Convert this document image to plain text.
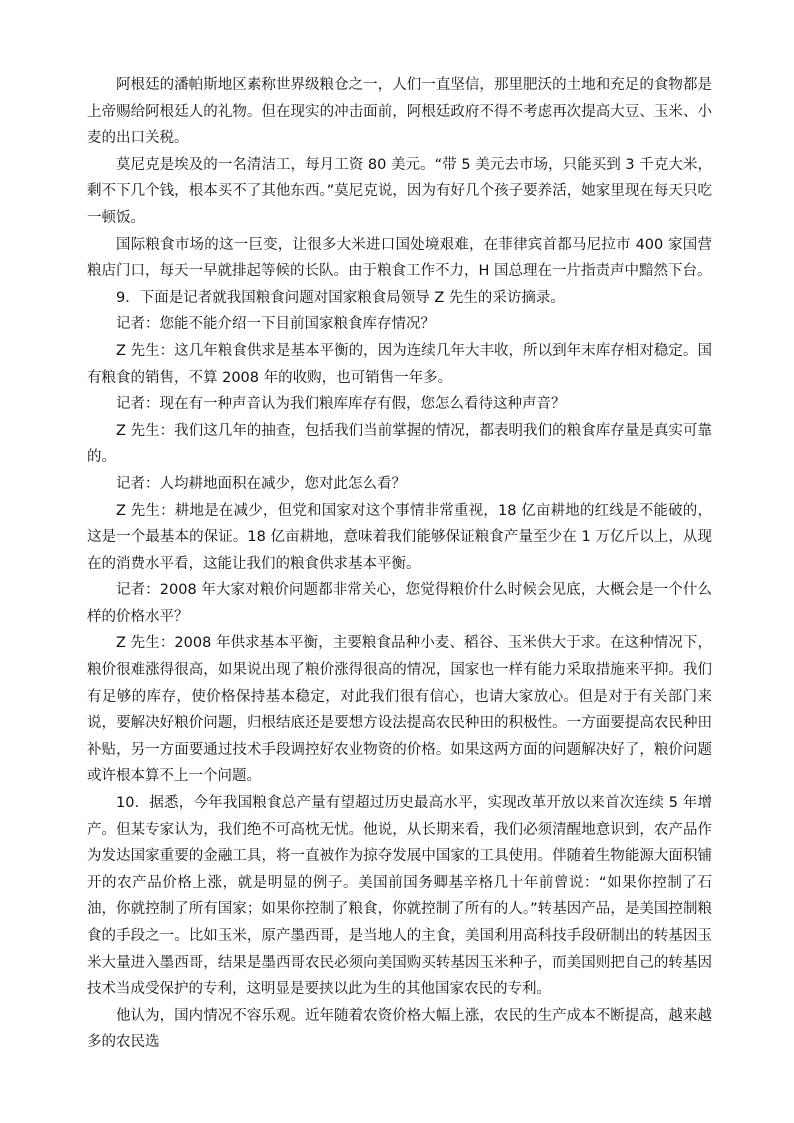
阿根廷的潘帕斯地区素称世界级粮仓之一，人们一直坚信，那里肥沃的土地和充足的食物都是上帝赐给阿根廷人的礼物。但在现实的冲击面前，阿根廷政府不得不考虑再次提高大豆、玉米、小麦的出口关税。

莫尼克是埃及的一名清洁工，每月工资 80 美元。“带 5 美元去市场，只能买到 3 千克大米，剩不下几个钱，根本买不了其他东西。”莫尼克说，因为有好几个孩子要养活，她家里现在每天只吃一顿饭。

国际粮食市场的这一巨变，让很多大米进口国处境艰难，在菲律宾首都马尼拉市 400 家国营粮店门口，每天一早就排起等候的长队。由于粮食工作不力，H 国总理在一片指责声中黯然下台。

9．下面是记者就我国粮食问题对国家粮食局领导 Z 先生的采访摘录。

记者：您能不能介绍一下目前国家粮食库存情况？

Z 先生：这几年粮食供求是基本平衡的，因为连续几年大丰收，所以到年末库存相对稳定。国有粮食的销售，不算 2008 年的收购，也可销售一年多。

记者：现在有一种声音认为我们粮库库存有假，您怎么看待这种声音？

Z 先生：我们这几年的抽查，包括我们当前掌握的情况，都表明我们的粮食库存量是真实可靠的。

记者：人均耕地面积在减少，您对此怎么看？

Z 先生：耕地是在减少，但党和国家对这个事情非常重视，18 亿亩耕地的红线是不能破的，这是一个最基本的保证。18 亿亩耕地，意味着我们能够保证粮食产量至少在 1 万亿斤以上，从现在的消费水平看，这能让我们的粮食供求基本平衡。

记者：2008 年大家对粮价问题都非常关心，您觉得粮价什么时候会见底，大概会是一个什么样的价格水平？

Z 先生：2008 年供求基本平衡，主要粮食品种小麦、稻谷、玉米供大于求。在这种情况下，粮价很难涨得很高，如果说出现了粮价涨得很高的情况，国家也一样有能力采取措施来平抑。我们有足够的库存，使价格保持基本稳定，对此我们很有信心，也请大家放心。但是对于有关部门来说，要解决好粮价问题，归根结底还是要想方设法提高农民种田的积极性。一方面要提高农民种田补贴，另一方面要通过技术手段调控好农业物资的价格。如果这两方面的问题解决好了，粮价问题或许根本算不上一个问题。

10．据悉，今年我国粮食总产量有望超过历史最高水平，实现改革开放以来首次连续 5 年增产。但某专家认为，我们绝不可高枕无忧。他说，从长期来看，我们必须清醒地意识到，农产品作为发达国家重要的金融工具，将一直被作为掠夺发展中国家的工具使用。伴随着生物能源大面积铺开的农产品价格上涨，就是明显的例子。美国前国务卿基辛格几十年前曾说：“如果你控制了石油，你就控制了所有国家；如果你控制了粮食，你就控制了所有的人。”转基因产品，是美国控制粮食的手段之一。比如玉米，原产墨西哥，是当地人的主食，美国利用高科技手段研制出的转基因玉米大量进入墨西哥，结果是墨西哥农民必须向美国购买转基因玉米种子，而美国则把自己的转基因技术当成受保护的专利，这明显是要挟以此为生的其他国家农民的专利。

他认为，国内情况不容乐观。近年随着农资价格大幅上涨，农民的生产成本不断提高，越来越多的农民选
